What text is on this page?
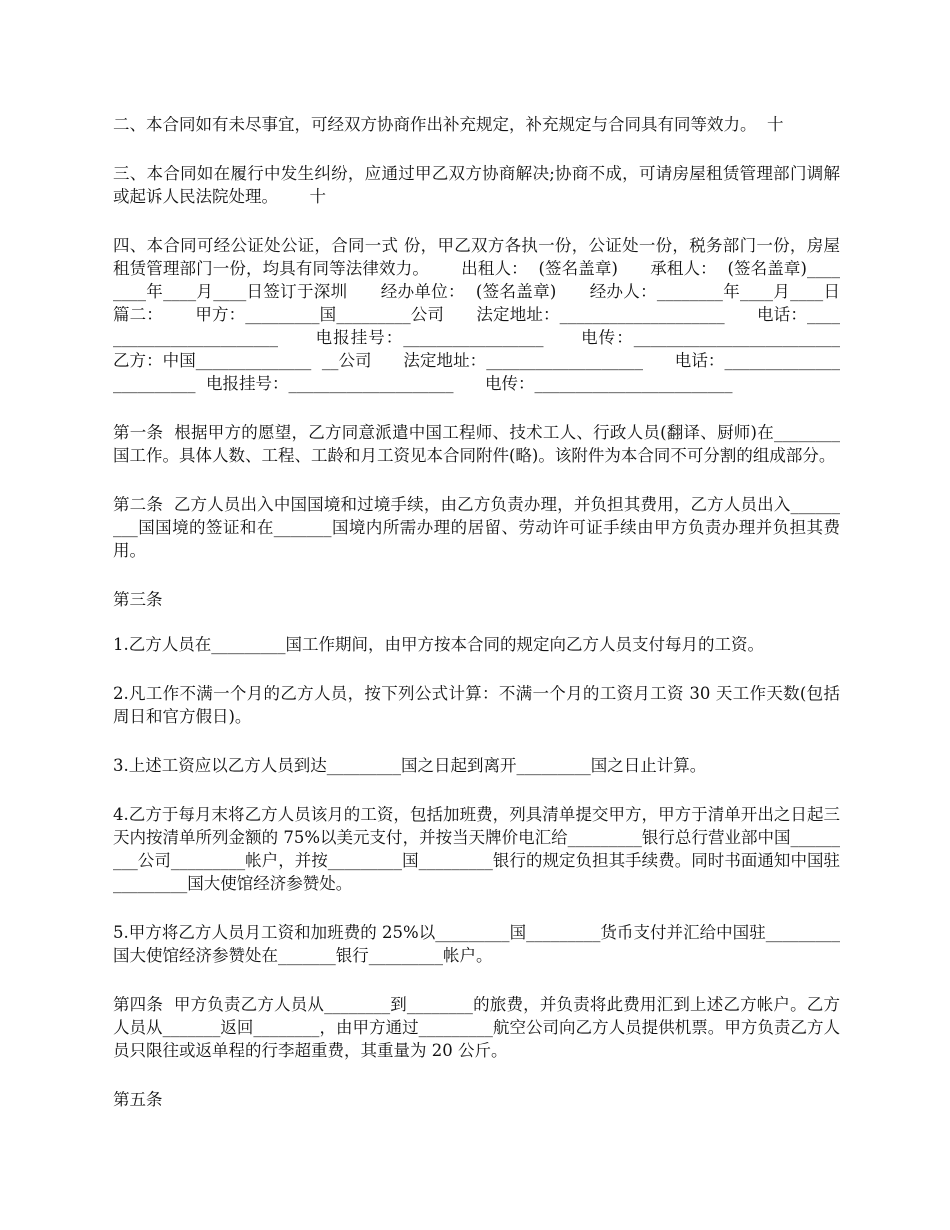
二、本合同如有未尽事宜，可经双方协商作出补充规定，补充规定与合同具有同等效力。  十

三、本合同如在履行中发生纠纷，应通过甲乙双方协商解决;协商不成，可请房屋租赁管理部门调解或起诉人民法院处理。      十

四、本合同可经公证处公证，合同一式 份，甲乙双方各执一份，公证处一份，税务部门一份，房屋租赁管理部门一份，均具有同等法律效力。      出租人：  (签名盖章)      承租人：  (签名盖章)________年____月____日签订于深圳      经办单位：  (签名盖章)      经办人：________年____月____日      篇二：      甲方：_________国_________公司      法定地址：____________________      电话：________________________      电报挂号：_________________      电传：_________________________      乙方：中国______________  __公司      法定地址：___________________      电话：________________________  电报挂号：____________________      电传：________________________

第一条  根据甲方的愿望，乙方同意派遣中国工程师、技术工人、行政人员(翻译、厨师)在________国工作。具体人数、工程、工龄和月工资见本合同附件(略)。该附件为本合同不可分割的组成部分。

第二条  乙方人员出入中国国境和过境手续，由乙方负责办理，并负担其费用，乙方人员出入_________国国境的签证和在_______国境内所需办理的居留、劳动许可证手续由甲方负责办理并负担其费用。

第三条

1.乙方人员在_________国工作期间，由甲方按本合同的规定向乙方人员支付每月的工资。

2.凡工作不满一个月的乙方人员，按下列公式计算：不满一个月的工资月工资 30 天工作天数(包括周日和官方假日)。

3.上述工资应以乙方人员到达_________国之日起到离开_________国之日止计算。

4.乙方于每月末将乙方人员该月的工资，包括加班费，列具清单提交甲方，甲方于清单开出之日起三天内按清单所列金额的 75%以美元支付，并按当天牌价电汇给_________银行总行营业部中国_________公司_________帐户，并按_________国_________银行的规定负担其手续费。同时书面通知中国驻_________国大使馆经济参赞处。

5.甲方将乙方人员月工资和加班费的 25%以_________国_________货币支付并汇给中国驻_________国大使馆经济参赞处在_______银行_________帐户。

第四条  甲方负责乙方人员从________到________的旅费，并负责将此费用汇到上述乙方帐户。乙方人员从_______返回________，由甲方通过_________航空公司向乙方人员提供机票。甲方负责乙方人员只限往或返单程的行李超重费，其重量为 20 公斤。

第五条
